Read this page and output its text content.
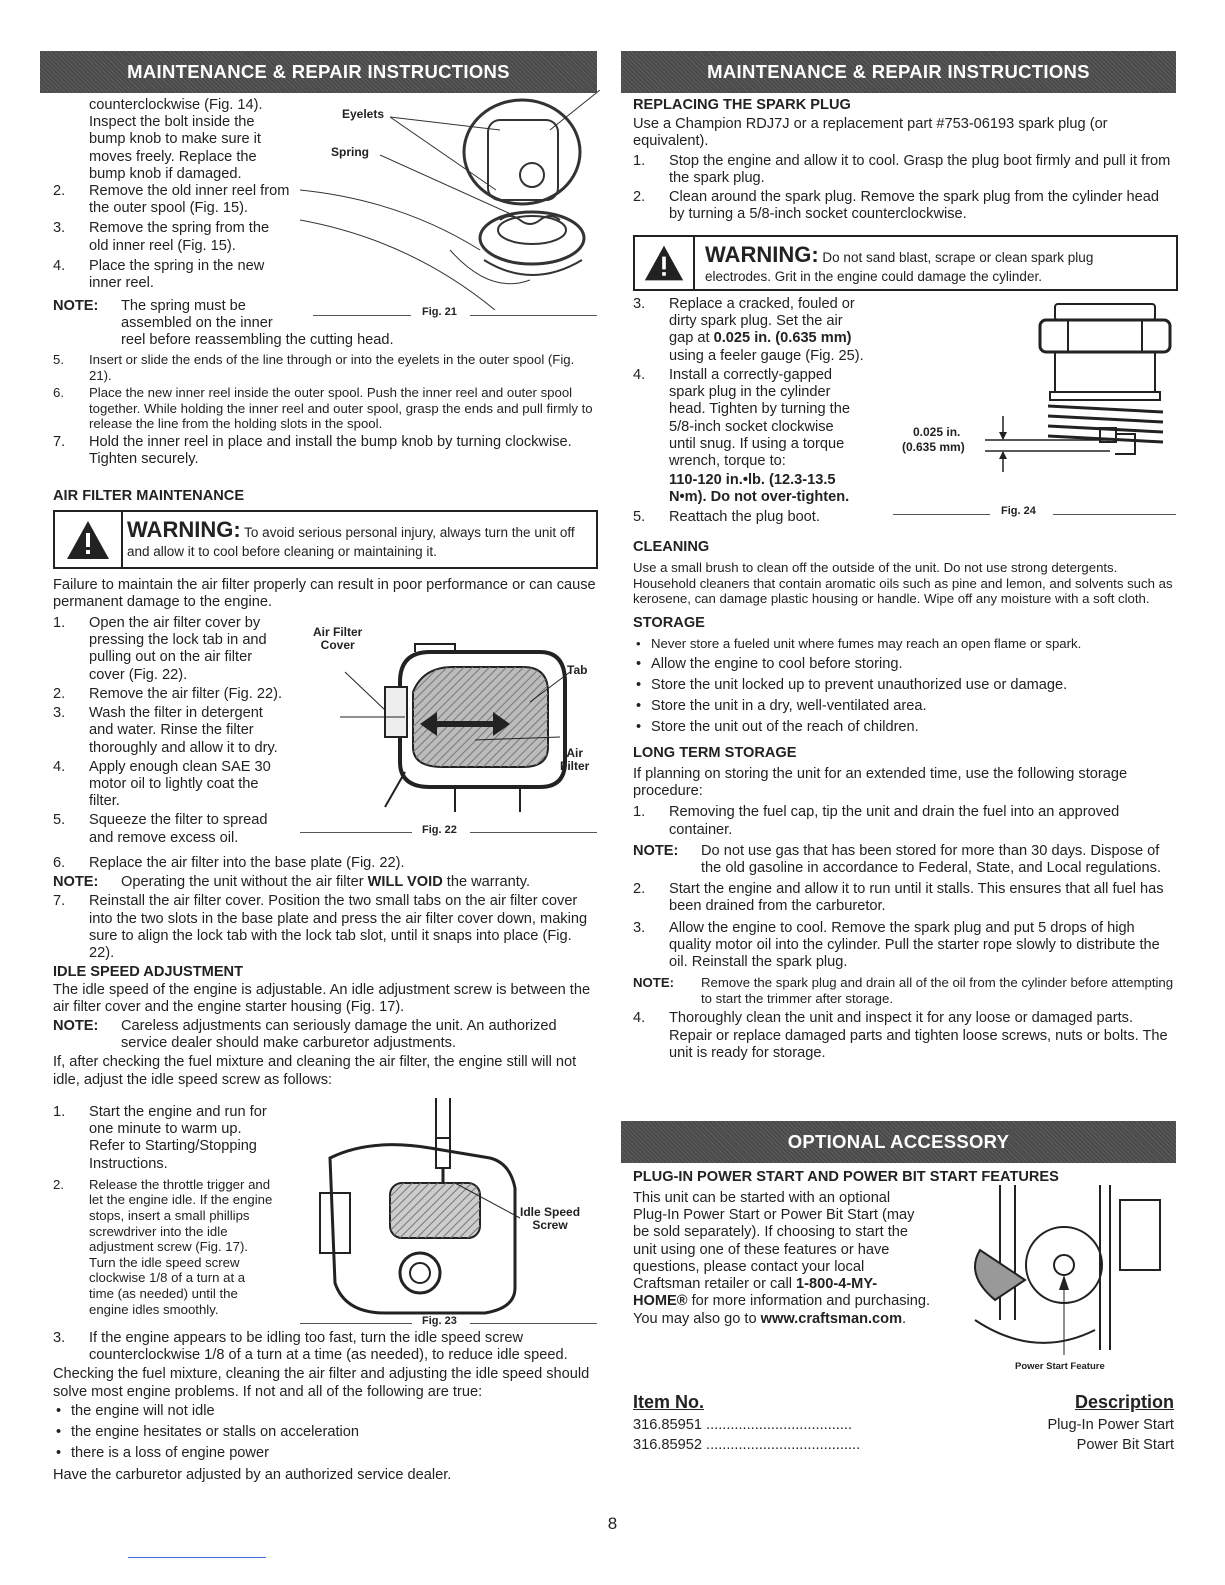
MAINTENANCE & REPAIR INSTRUCTIONS	MAINTENANCE & REPAIR INSTRUCTIONS
OPTIONAL ACCESSORY

counterclockwise (Fig. 14).

Inspect the bolt inside the

bump knob to make sure it

moves freely. Replace the

bump knob if damaged.

2. Remove the old inner reel from

the outer spool (Fig. 15).

3. Remove the spring from the

old inner reel (Fig. 15).

4. Place the spring in the new

inner reel.

NOTE: The spring must be

assembled on the inner

reel before reassembling the cutting head.

Eyelets
Spring
Fig. 21
5. Insert or slide the ends of the line through or into the eyelets in the outer spool (Fig. 21).

6. Place the new inner reel inside the outer spool. Push the inner reel and outer spool together. While holding the inner reel and outer spool, grasp the ends and pull firmly to release the line from the holding slots in the spool.

7. Hold the inner reel in place and install the bump knob by turning clockwise. Tighten securely.

AIR FILTER MAINTENANCE

WARNING: To avoid serious personal injury, always turn the unit off

and allow it to cool before cleaning or maintaining it.

Failure to maintain the air filter properly can result in poor performance or can cause permanent damage to the engine.
1. Open the air filter cover by

pressing the lock tab in and

pulling out on the air filter

cover (Fig. 22).

2. Remove the air filter (Fig. 22).

3. Wash the filter in detergent

and water. Rinse the filter

thoroughly and allow it to dry.

4. Apply enough clean SAE 30

motor oil to lightly coat the

filter.

5. Squeeze the filter to spread

and remove excess oil.

Air Filter
Cover
Tab
Air
Filter
Fig. 22
6. Replace the air filter into the base plate (Fig. 22).

NOTE: Operating the unit without the air filter WILL VOID the warranty.

7. Reinstall the air filter cover. Position the two small tabs on the air filter cover into the two slots in the base plate and press the air filter cover down, making sure to align the lock tab with the lock tab slot, until it snaps into place (Fig. 22).

IDLE SPEED ADJUSTMENT

The idle speed of the engine is adjustable. An idle adjustment screw is between the air filter cover and the engine starter housing (Fig. 17).

NOTE: Careless adjustments can seriously damage the unit. An authorized service dealer should make carburetor adjustments.

If, after checking the fuel mixture and cleaning the air filter, the engine still will not idle, adjust the idle speed screw as follows:

1. Start the engine and run for

one minute to warm up.

Refer to Starting/Stopping

Instructions.

2. Release the throttle trigger and

let the engine idle. If the engine

stops, insert a small phillips

screwdriver into the idle

adjustment screw (Fig. 17).

Turn the idle speed screw

clockwise 1/8 of a turn at a

time (as needed) until the

engine idles smoothly.

Idle Speed
Screw
Fig. 23
3. If the engine appears to be idling too fast, turn the idle speed screw counterclockwise 1/8 of a turn at a time (as needed), to reduce idle speed.

Checking the fuel mixture, cleaning the air filter and adjusting the idle speed should solve most engine problems. If not and all of the following are true:

• the engine will not idle
• the engine hesitates or stalls on acceleration
• there is a loss of engine power

Have the carburetor adjusted by an authorized service dealer.

REPLACING THE SPARK PLUG

Use a Champion RDJ7J or a replacement part #753-06193 spark plug (or equivalent).

1. Stop the engine and allow it to cool. Grasp the plug boot firmly and pull it from the spark plug.

2. Clean around the spark plug. Remove the spark plug from the cylinder head by turning a 5/8-inch socket counterclockwise.

WARNING: Do not sand blast, scrape or clean spark plug

electrodes. Grit in the engine could damage the cylinder.

3. Replace a cracked, fouled or

dirty spark plug. Set the air

gap at 0.025 in. (0.635 mm)

using a feeler gauge (Fig. 25).

4. Install a correctly-gapped

spark plug in the cylinder

head. Tighten by turning the

5/8-inch socket clockwise

until snug. If using a torque

wrench, torque to:

110-120 in.•lb. (12.3-13.5

N•m). Do not over-tighten.

5. Reattach the plug boot.

0.025 in.
(0.635 mm)
Fig. 24

CLEANING

Use a small brush to clean off the outside of the unit. Do not use strong detergents. Household cleaners that contain aromatic oils such as pine and lemon, and solvents such as kerosene, can damage plastic housing or handle. Wipe off any moisture with a soft cloth.

STORAGE

• Never store a fueled unit where fumes may reach an open flame or spark.
• Allow the engine to cool before storing.
• Store the unit locked up to prevent unauthorized use or damage.
• Store the unit in a dry, well-ventilated area.
• Store the unit out of the reach of children.

LONG TERM STORAGE

If planning on storing the unit for an extended time, use the following storage procedure:

1. Removing the fuel cap, tip the unit and drain the fuel into an approved container.

NOTE: Do not use gas that has been stored for more than 30 days. Dispose of the old gasoline in accordance to Federal, State, and Local regulations.

2. Start the engine and allow it to run until it stalls. This ensures that all fuel has been drained from the carburetor.

3. Allow the engine to cool. Remove the spark plug and put 5 drops of high quality motor oil into the cylinder. Pull the starter rope slowly to distribute the oil. Reinstall the spark plug.

NOTE: Remove the spark plug and drain all of the oil from the cylinder before attempting to start the trimmer after storage.

4. Thoroughly clean the unit and inspect it for any loose or damaged parts. Repair or replace damaged parts and tighten loose screws, nuts or bolts. The unit is ready for storage.

PLUG-IN POWER START AND POWER BIT START FEATURES

This unit can be started with an optional

Plug-In Power Start or Power Bit Start (may

be sold separately). If choosing to start the

unit using one of these features or have

questions, please contact your local

Craftsman retailer or call 1-800-4-MY-

HOME® for more information and purchasing.

You may also go to www.craftsman.com.

Power Start Feature
Item No.	Description
316.85951 ....................................	Plug-In Power Start
316.85952 ......................................	Power Bit Start
8
